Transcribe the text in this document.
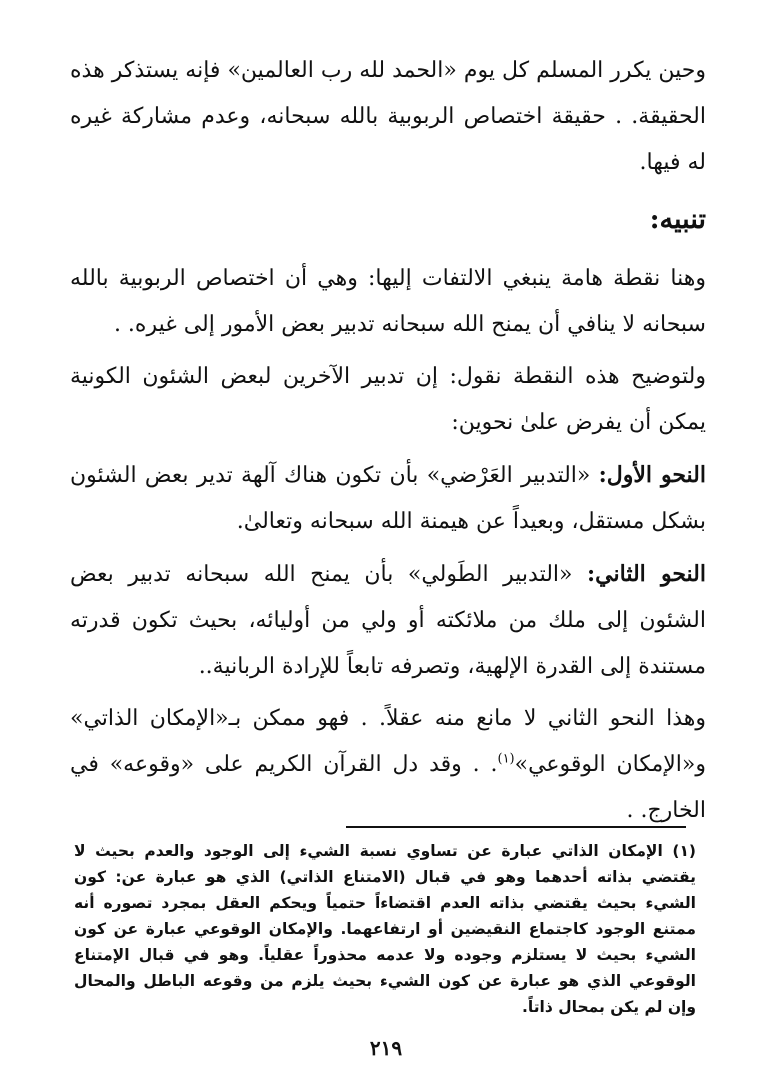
وحين يكرر المسلم كل يوم «الحمد لله رب العالمين» فإنه يستذكر هذه الحقيقة. . حقيقة اختصاص الربوبية بالله سبحانه، وعدم مشاركة غيره له فيها.

تنبيه:

وهنا نقطة هامة ينبغي الالتفات إليها: وهي أن اختصاص الربوبية بالله سبحانه لا ينافي أن يمنح الله سبحانه تدبير بعض الأمور إلى غيره. .

ولتوضيح هذه النقطة نقول: إن تدبير الآخرين لبعض الشئون الكونية يمكن أن يفرض علىٰ نحوين:

النحو الأول: «التدبير العَرْضي» بأن تكون هناك آلهة تدير بعض الشئون بشكل مستقل، وبعيداً عن هيمنة الله سبحانه وتعالىٰ.

النحو الثاني: «التدبير الطَولي» بأن يمنح الله سبحانه تدبير بعض الشئون إلى ملك من ملائكته أو ولي من أوليائه، بحيث تكون قدرته مستندة إلى القدرة الإلهية، وتصرفه تابعاً للإرادة الربانية..

وهذا النحو الثاني لا مانع منه عقلاً. . فهو ممكن بـ«الإمكان الذاتي» و«الإمكان الوقوعي»$^{(١)}$. . وقد دل القرآن الكريم على «وقوعه» في الخارج. .

(١) الإمكان الذاتي عبارة عن تساوي نسبة الشيء إلى الوجود والعدم بحيث لا يقتضي بذاته أحدهما وهو في قبال (الامتناع الذاتي) الذي هو عبارة عن: كون الشيء بحيث يقتضي بذاته العدم اقتضاءاً حتمياً ويحكم العقل بمجرد تصوره أنه ممتنع الوجود كاجتماع النقيضين أو ارتفاعهما. والإمكان الوقوعي عبارة عن كون الشيء بحيث لا يستلزم وجوده ولا عدمه محذوراً عقلياً. وهو في قبال الإمتناع الوقوعي الذي هو عبارة عن كون الشيء بحيث يلزم من وقوعه الباطل والمحال وإن لم يكن بمحال ذاتاً.

٢١٩
